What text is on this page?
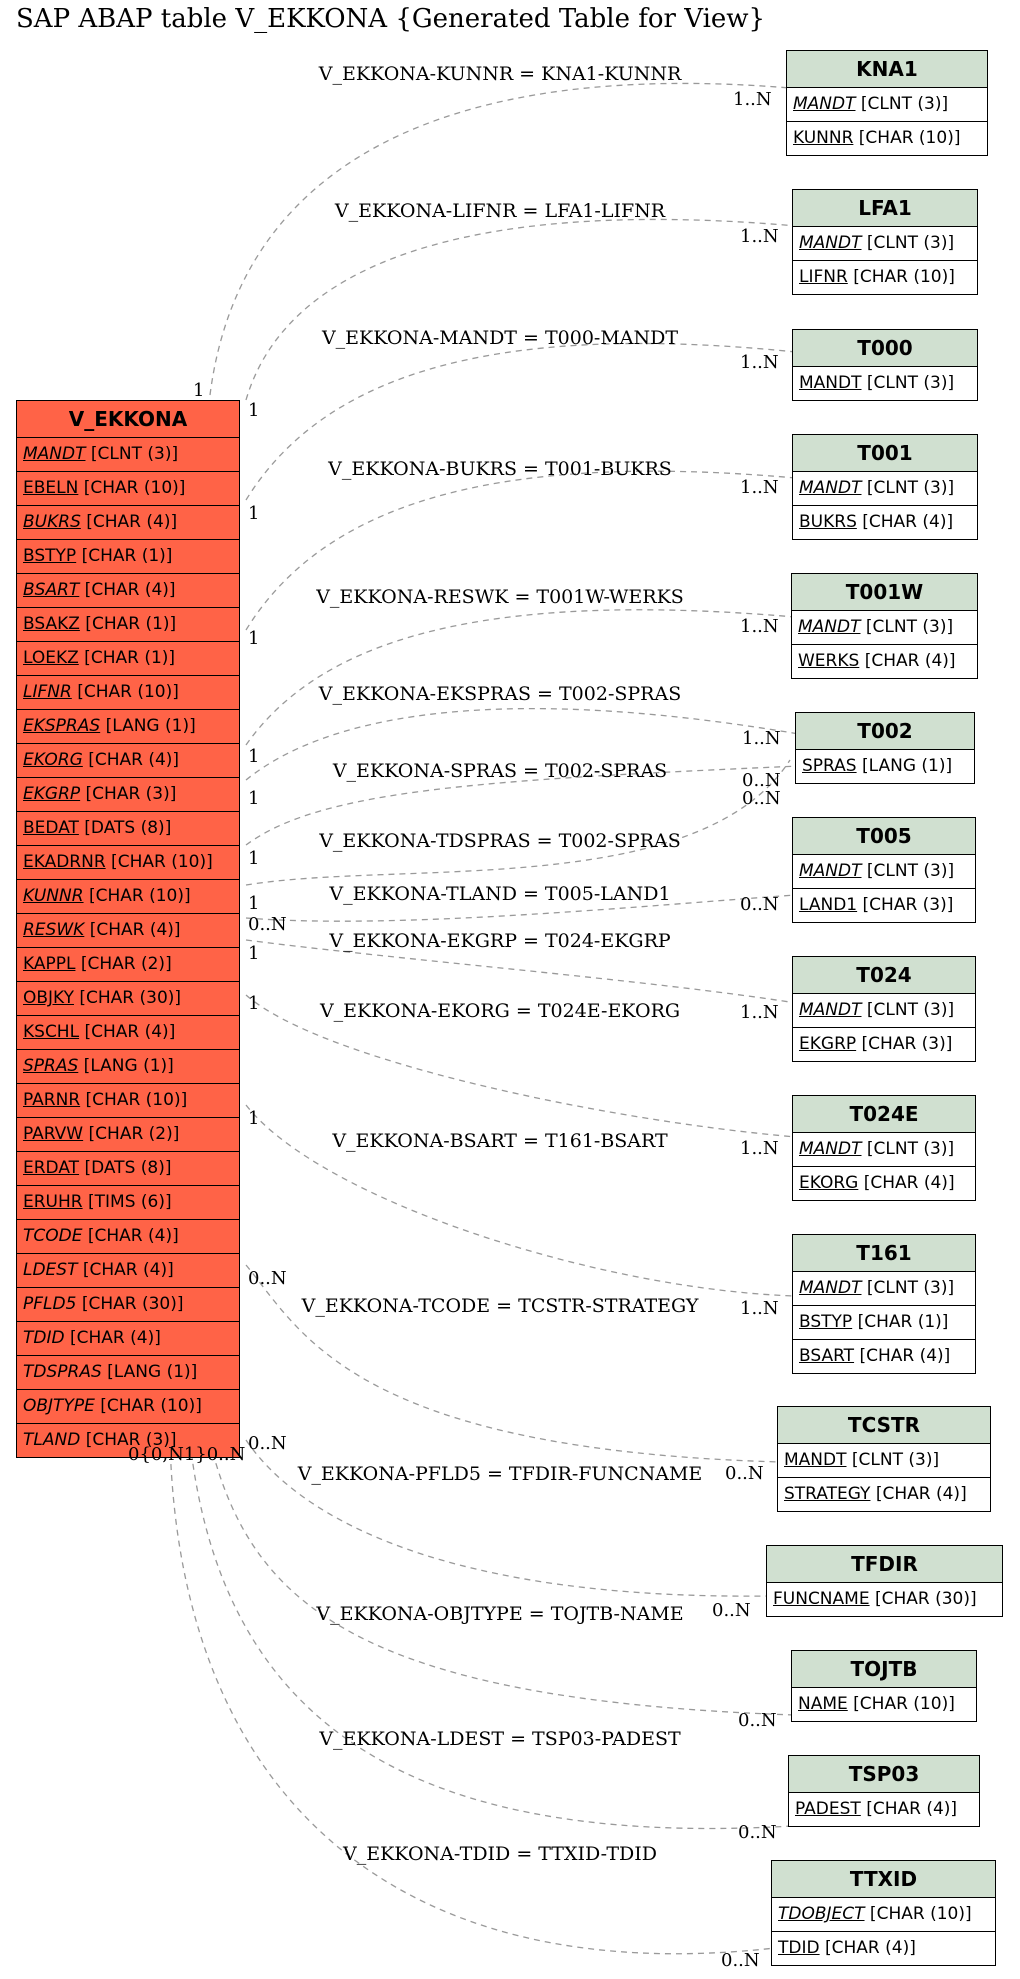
SAP ABAP table V_EKKONA {Generated Table for View}
V_EKKONA
MANDT [CLNT (3)]
EBELN [CHAR (10)]
BUKRS [CHAR (4)]
BSTYP [CHAR (1)]
BSART [CHAR (4)]
BSAKZ [CHAR (1)]
LOEKZ [CHAR (1)]
LIFNR [CHAR (10)]
EKSPRAS [LANG (1)]
EKORG [CHAR (4)]
EKGRP [CHAR (3)]
BEDAT [DATS (8)]
EKADRNR [CHAR (10)]
KUNNR [CHAR (10)]
RESWK [CHAR (4)]
KAPPL [CHAR (2)]
OBJKY [CHAR (30)]
KSCHL [CHAR (4)]
SPRAS [LANG (1)]
PARNR [CHAR (10)]
PARVW [CHAR (2)]
ERDAT [DATS (8)]
ERUHR [TIMS (6)]
TCODE [CHAR (4)]
LDEST [CHAR (4)]
PFLD5 [CHAR (30)]
TDID [CHAR (4)]
TDSPRAS [LANG (1)]
OBJTYPE [CHAR (10)]
TLAND [CHAR (3)]
KNA1
MANDT [CLNT (3)]
KUNNR [CHAR (10)]
LFA1
MANDT [CLNT (3)]
LIFNR [CHAR (10)]
T000
MANDT [CLNT (3)]
T001
MANDT [CLNT (3)]
BUKRS [CHAR (4)]
T001W
MANDT [CLNT (3)]
WERKS [CHAR (4)]
T002
SPRAS [LANG (1)]
T005
MANDT [CLNT (3)]
LAND1 [CHAR (3)]
T024
MANDT [CLNT (3)]
EKGRP [CHAR (3)]
T024E
MANDT [CLNT (3)]
EKORG [CHAR (4)]
T161
MANDT [CLNT (3)]
BSTYP [CHAR (1)]
BSART [CHAR (4)]
TCSTR
MANDT [CLNT (3)]
STRATEGY [CHAR (4)]
TFDIR
FUNCNAME [CHAR (30)]
TOJTB
NAME [CHAR (10)]
TSP03
PADEST [CHAR (4)]
TTXID
TDOBJECT [CHAR (10)]
TDID [CHAR (4)]
V_EKKONA-KUNNR = KNA1-KUNNR
1
1..N
V_EKKONA-LIFNR = LFA1-LIFNR
1
1..N
V_EKKONA-MANDT = T000-MANDT
1
1..N
V_EKKONA-BUKRS = T001-BUKRS
1
1..N
V_EKKONA-RESWK = T001W-WERKS
1
1..N
V_EKKONA-EKSPRAS = T002-SPRAS
1
1..N
V_EKKONA-SPRAS = T002-SPRAS
1
0..N
V_EKKONA-TDSPRAS = T002-SPRAS
1
0..N
V_EKKONA-TLAND = T005-LAND1
0..N
0..N
V_EKKONA-EKGRP = T024-EKGRP
1
1..N
V_EKKONA-EKORG = T024E-EKORG
1
1..N
V_EKKONA-BSART = T161-BSART
1
1..N
V_EKKONA-TCODE = TCSTR-STRATEGY
0..N
0..N
V_EKKONA-PFLD5 = TFDIR-FUNCNAME
0..N
0..N
V_EKKONA-OBJTYPE = TOJTB-NAME
0..N
V_EKKONA-LDEST = TSP03-PADEST
0..N
V_EKKONA-TDID = TTXID-TDID
0..N
0{0,N1}0..N
